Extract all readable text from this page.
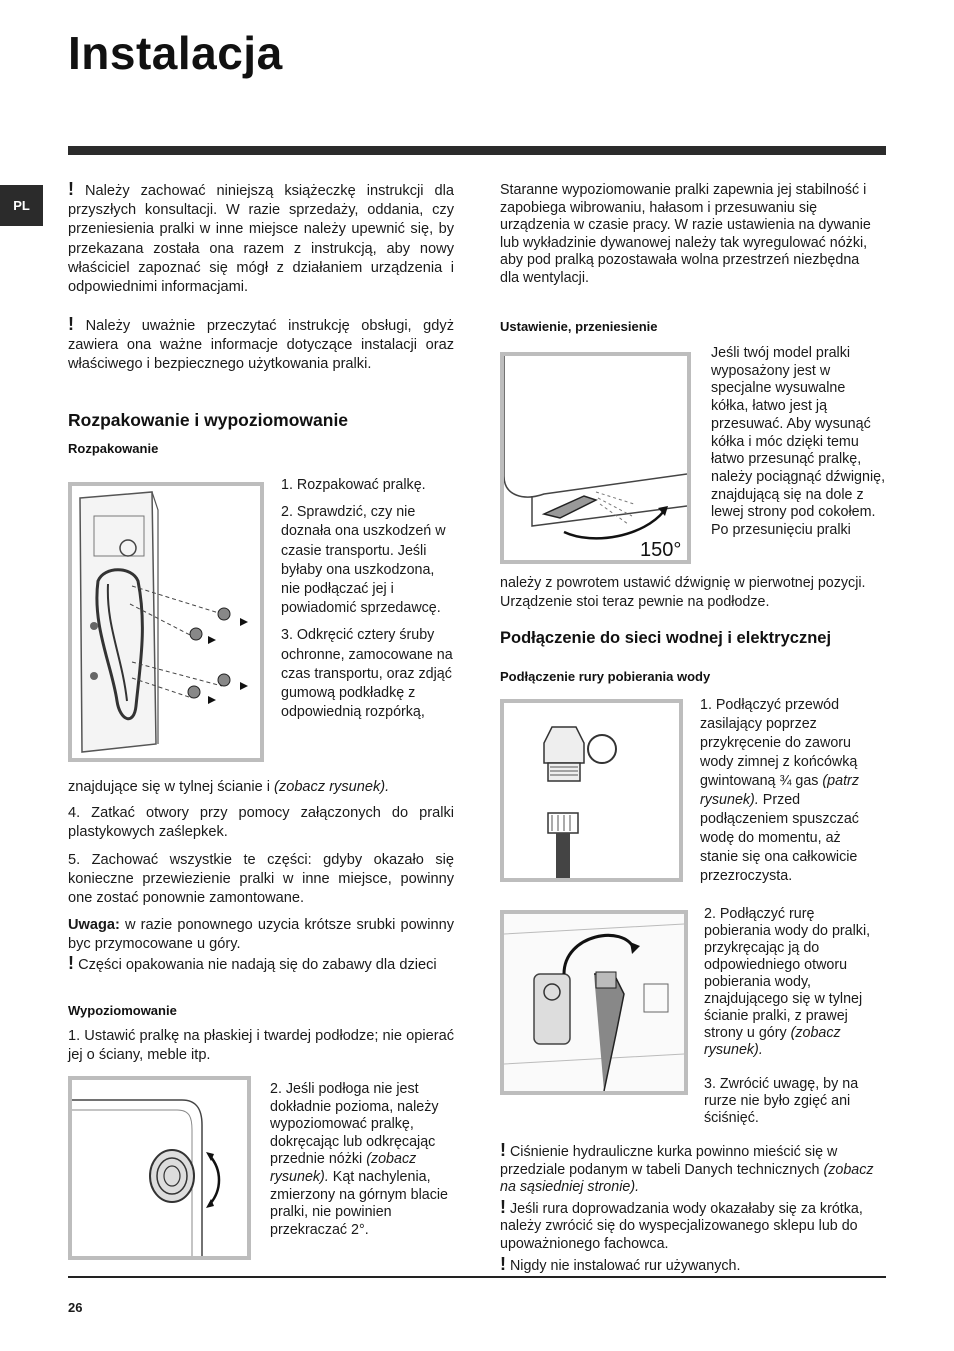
Instalacja
PL

! Należy zachować niniejszą książeczkę instrukcji dla przyszłych konsultacji. W razie sprzedaży, oddania, czy przeniesienia pralki w inne miejsce należy upewnić się, by przekazana została ona razem z instrukcją, aby nowy właściciel zapoznać się mógł z działaniem urządzenia i odpowiednimi informacjami.

! Należy uważnie przeczytać instrukcję obsługi, gdyż zawiera ona ważne informacje dotyczące instalacji oraz właściwego i bezpiecznego użytkowania pralki.

Rozpakowanie i wypoziomowanie
Rozpakowanie

1. Rozpakować pralkę.

2. Sprawdzić, czy nie doznała ona uszkodzeń w czasie transportu. Jeśli byłaby ona uszkodzona, nie podłączać jej i powiadomić sprzedawcę.

3. Odkręcić cztery śruby ochronne, zamocowane na czas transportu, oraz zdjąć gumową podkładkę z odpowiednią rozpórką,

znajdujące się w tylnej ścianie i (zobacz rysunek).

4. Zatkać otwory przy pomocy załączonych do pralki plastykowych zaślepkek.

5. Zachować wszystkie te części: gdyby okazało się konieczne przewiezienie pralki w inne miejsce, powinny one zostać ponownie zamontowane.

Uwaga: w razie ponownego uzycia krótsze srubki powinny byc przymocowane u góry.

! Części opakowania nie nadają się do zabawy dla dzieci

Wypoziomowanie

1. Ustawić pralkę na płaskiej i twardej podłodze; nie opierać jej o ściany, meble itp.

2. Jeśli podłoga nie jest dokładnie pozioma, należy wypoziomować pralkę, dokręcając lub odkręcając przednie nóżki (zobacz rysunek). Kąt nachylenia, zmierzony na górnym blacie pralki, nie powinien przekraczać 2°.

Staranne wypoziomowanie pralki zapewnia jej stabilność i zapobiega wibrowaniu, hałasom i przesuwaniu się urządzenia w czasie pracy. W razie ustawienia na dywanie lub wykładzinie dywanowej należy tak wyregulować nóżki, aby pod pralką pozostawała wolna przestrzeń niezbędna dla wentylacji.

Ustawienie, przeniesienie
150°

Jeśli twój model pralki wyposażony jest w specjalne wysuwalne kółka, łatwo jest ją przesuwać. Aby wysunąć kółka i móc dzięki temu łatwo przesunąć pralkę, należy pociągnąć dźwignię, znajdującą się na dole z lewej strony pod cokołem. Po przesunięciu pralki

należy z powrotem ustawić dźwignię w pierwotnej pozycji. Urządzenie stoi teraz pewnie na podłodze.

Podłączenie do sieci wodnej i elektrycznej
Podłączenie rury pobierania wody

1. Podłączyć przewód zasilający poprzez przykręcenie do zaworu wody zimnej z końcówką gwintowaną ¾ gas (patrz rysunek). Przed podłączeniem spuszczać wodę do momentu, aż stanie się ona całkowicie przezroczysta.

2. Podłączyć rurę pobierania wody do pralki, przykręcając ją do odpowiedniego otworu pobierania wody, znajdującego się w tylnej ścianie pralki, z prawej strony u góry (zobacz rysunek).

3. Zwrócić uwagę, by na rurze nie było zgięć ani ściśnięć.

! Ciśnienie hydrauliczne kurka powinno mieścić się w przedziale podanym w tabeli Danych technicznych (zobacz na sąsiedniej stronie).

! Jeśli rura doprowadzania wody okazałaby się za krótka, należy zwrócić się do wyspecjalizowanego sklepu lub do upoważnionego fachowca.

! Nigdy nie instalować rur używanych.

26
